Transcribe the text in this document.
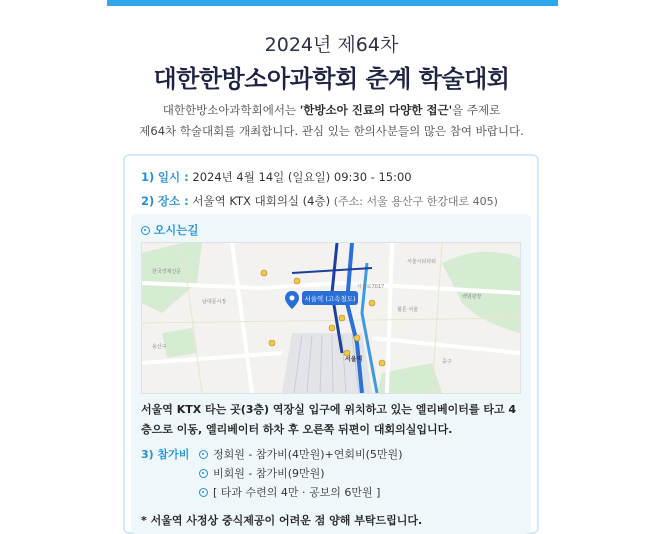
2024년 제64차
대한한방소아과학회 춘계 학술대회
대한한방소아과학회에서는 '한방소아 진료의 다양한 접근'을 주제로
제64차 학술대회를 개최합니다. 관심 있는 한의사분들의 많은 참여 바랍니다.
1) 일시 : 2024년 4월 14일 (일요일) 09:30 - 15:00
2) 장소 : 서울역 KTX 대회의실 (4층) (주소: 서울 용산구 한강대로 405)
오시는길
한국경제신문
서울시티타워
백범광장
힐튼 서울
용산구
중구
남대문시장
서울로7017
서울역
서울역 (고속철도)
서울역 KTX 타는 곳(3층) 역장실 입구에 위치하고 있는 엘리베이터를 타고 4층으로 이동, 엘리베이터 하차 후 오른쪽 뒤편이 대회의실입니다.
3) 참가비 정회원 - 참가비(4만원)+연회비(5만원)
비회원 - 참가비(9만원)
[ 타과 수련의 4만 · 공보의 6만원 ]
* 서울역 사정상 중식제공이 어려운 점 양해 부탁드립니다.
